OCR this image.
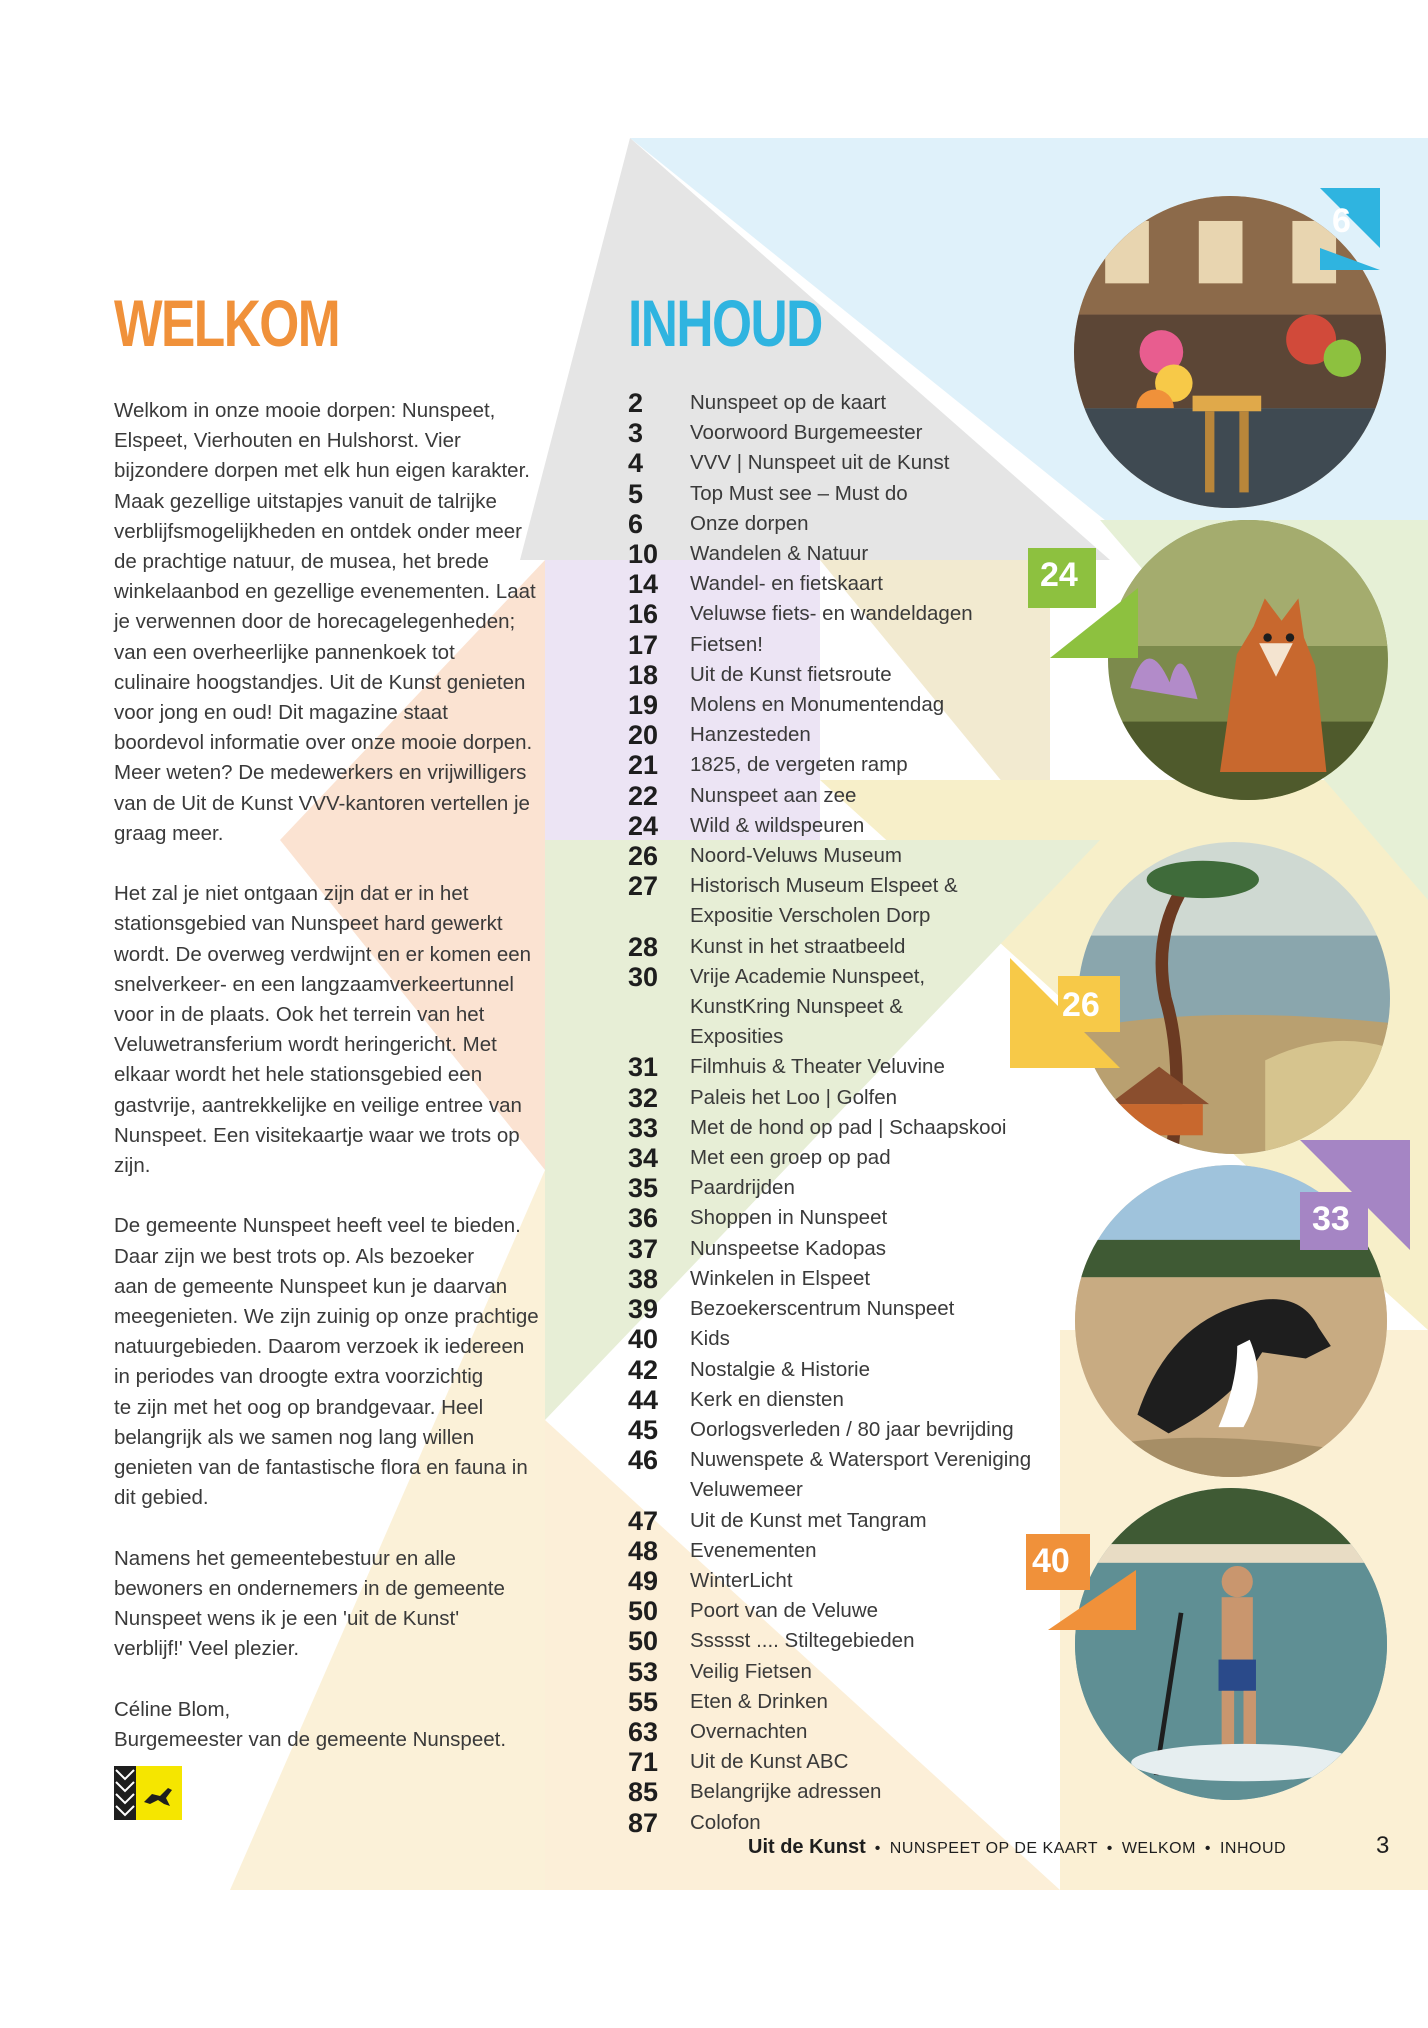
WELKOM	INHOUD

Welkom in onze mooie dorpen: Nunspeet,
Elspeet, Vierhouten en Hulshorst. Vier
bijzondere dorpen met elk hun eigen karakter.
Maak gezellige uitstapjes vanuit de talrijke
verblijfsmogelijkheden en ontdek onder meer
de prachtige natuur, de musea, het brede
winkelaanbod en gezellige evenementen. Laat
je verwennen door de horecagelegenheden;
van een overheerlijke pannenkoek tot
culinaire hoogstandjes. Uit de Kunst genieten
voor jong en oud! Dit magazine staat
boordevol informatie over onze mooie dorpen.
Meer weten? De medewerkers en vrijwilligers
van de Uit de Kunst VVV-kantoren vertellen je
graag meer.

Het zal je niet ontgaan zijn dat er in het
stationsgebied van Nunspeet hard gewerkt
wordt. De overweg verdwijnt en er komen een
snelverkeer- en een langzaamverkeertunnel
voor in de plaats. Ook het terrein van het
Veluwetransferium wordt heringericht. Met
elkaar wordt het hele stationsgebied een
gastvrije, aantrekkelijke en veilige entree van
Nunspeet. Een visitekaartje waar we trots op
zijn.

De gemeente Nunspeet heeft veel te bieden.
Daar zijn we best trots op. Als bezoeker
aan de gemeente Nunspeet kun je daarvan
meegenieten. We zijn zuinig op onze prachtige
natuurgebieden. Daarom verzoek ik iedereen
in periodes van droogte extra voorzichtig
te zijn met het oog op brandgevaar. Heel
belangrijk als we samen nog lang willen
genieten van de fantastische flora en fauna in
dit gebied.

Namens het gemeentebestuur en alle
bewoners en ondernemers in de gemeente
Nunspeet wens ik je een 'uit de Kunst'
verblijf!' Veel plezier.

Céline Blom,
Burgemeester van de gemeente Nunspeet.

2	Nunspeet op de kaart
3	Voorwoord Burgemeester
4	VVV | Nunspeet uit de Kunst
5	Top Must see – Must do
6	Onze dorpen
10	Wandelen & Natuur
14	Wandel- en fietskaart
16	Veluwse fiets- en wandeldagen
17	Fietsen!
18	Uit de Kunst fietsroute
19	Molens en Monumentendag
20	Hanzesteden
21	1825, de vergeten ramp
22	Nunspeet aan zee
24	Wild & wildspeuren
26	Noord-Veluws Museum
27	Historisch Museum Elspeet &
Expositie Verscholen Dorp
28	Kunst in het straatbeeld
30	Vrije Academie Nunspeet,
KunstKring Nunspeet &
Exposities
31	Filmhuis & Theater Veluvine
32	Paleis het Loo | Golfen
33	Met de hond op pad | Schaapskooi
34	Met een groep op pad
35	Paardrijden
36	Shoppen in Nunspeet
37	Nunspeetse Kadopas
38	Winkelen in Elspeet
39	Bezoekerscentrum Nunspeet
40	Kids
42	Nostalgie & Historie
44	Kerk en diensten
45	Oorlogsverleden / 80 jaar bevrijding
46	Nuwenspete & Watersport Vereniging
Veluwemeer
47	Uit de Kunst met Tangram
48	Evenementen
49	WinterLicht
50	Poort van de Veluwe
50	Ssssst .... Stiltegebieden
53	Veilig Fietsen
55	Eten & Drinken
63	Overnachten
71	Uit de Kunst ABC
85	Belangrijke adressen
87	Colofon
6
24
26
33
40
Uit de Kunst • NUNSPEET OP DE KAART • WELKOM • INHOUD	3
